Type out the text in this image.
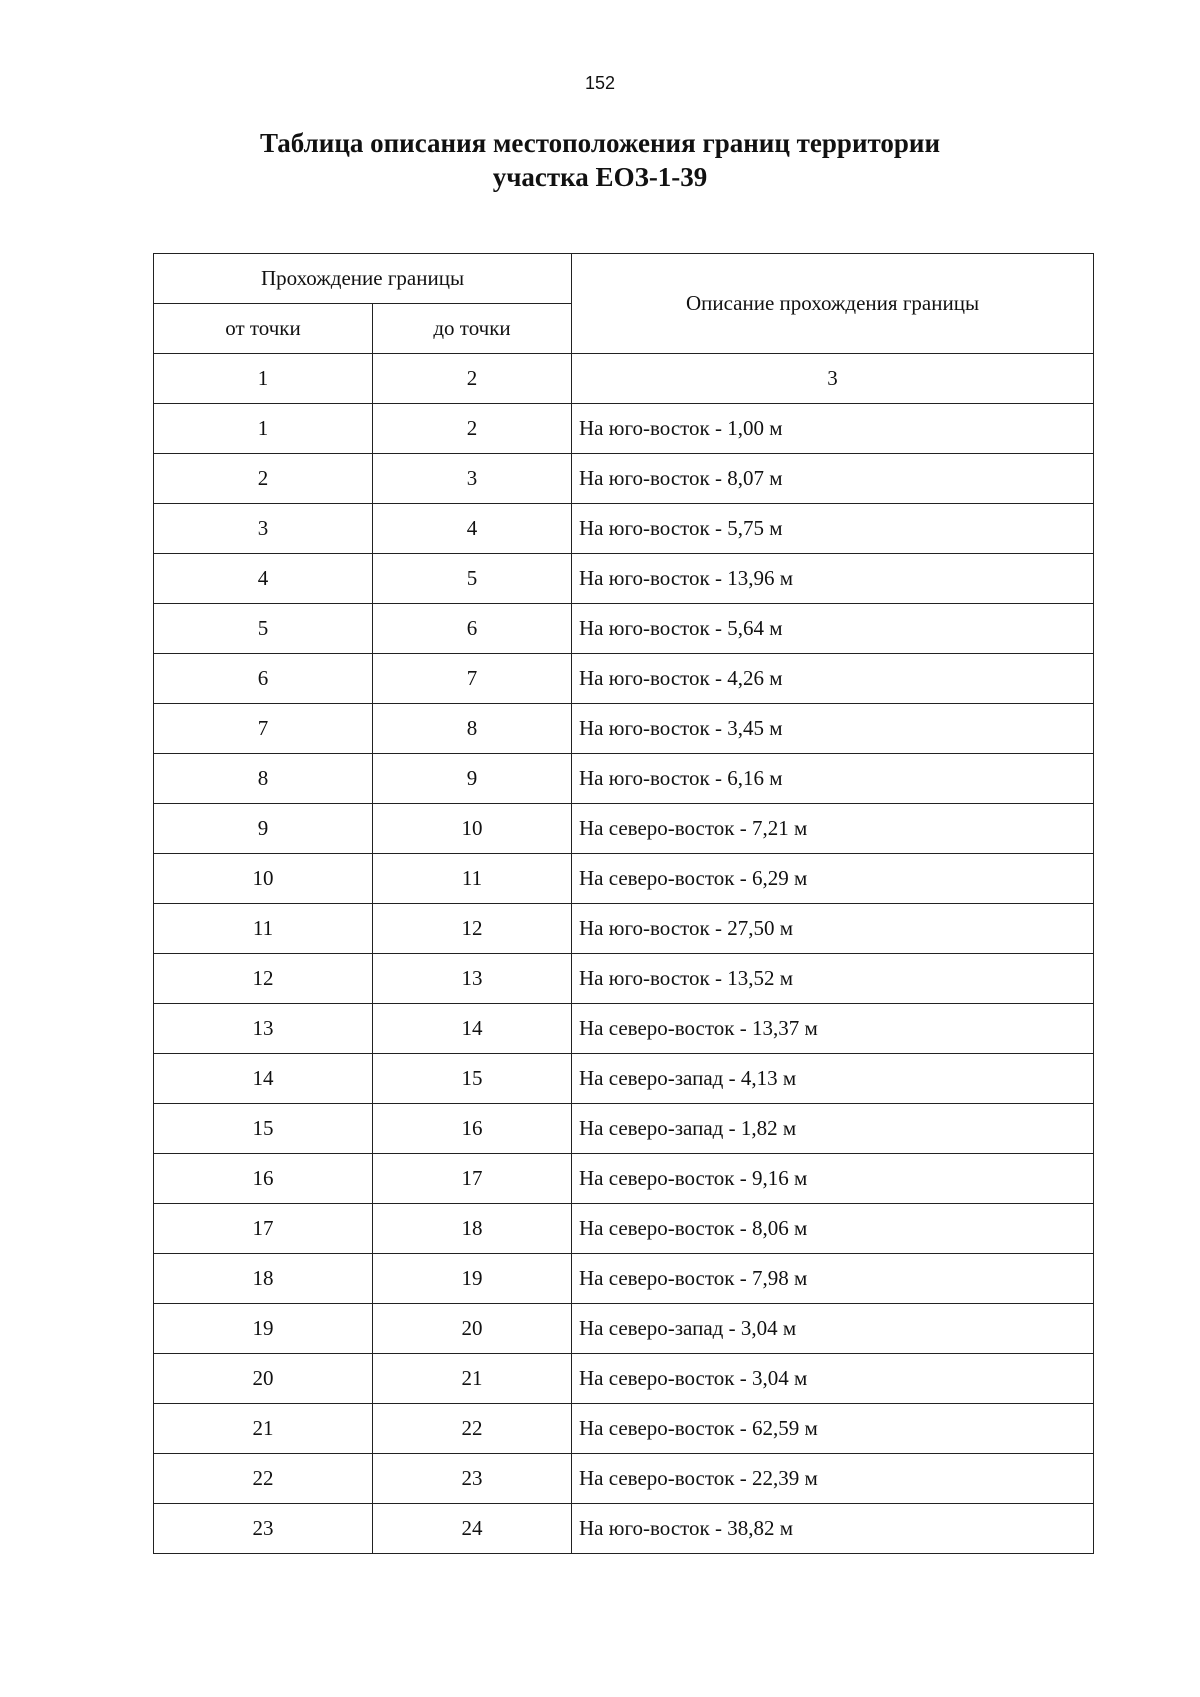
152
Таблица описания местоположения границ территории
участка ЕОЗ-1-39
Прохождение границы		Описание прохождения границы
от точки	до точки	
1	2	3
1	2	На юго-восток - 1,00 м
2	3	На юго-восток - 8,07 м
3	4	На юго-восток - 5,75 м
4	5	На юго-восток - 13,96 м
5	6	На юго-восток - 5,64 м
6	7	На юго-восток - 4,26 м
7	8	На юго-восток - 3,45 м
8	9	На юго-восток - 6,16 м
9	10	На северо-восток - 7,21 м
10	11	На северо-восток - 6,29 м
11	12	На юго-восток - 27,50 м
12	13	На юго-восток - 13,52 м
13	14	На северо-восток - 13,37 м
14	15	На северо-запад - 4,13 м
15	16	На северо-запад - 1,82 м
16	17	На северо-восток - 9,16 м
17	18	На северо-восток - 8,06 м
18	19	На северо-восток - 7,98 м
19	20	На северо-запад - 3,04 м
20	21	На северо-восток - 3,04 м
21	22	На северо-восток - 62,59 м
22	23	На северо-восток - 22,39 м
23	24	На юго-восток - 38,82 м
